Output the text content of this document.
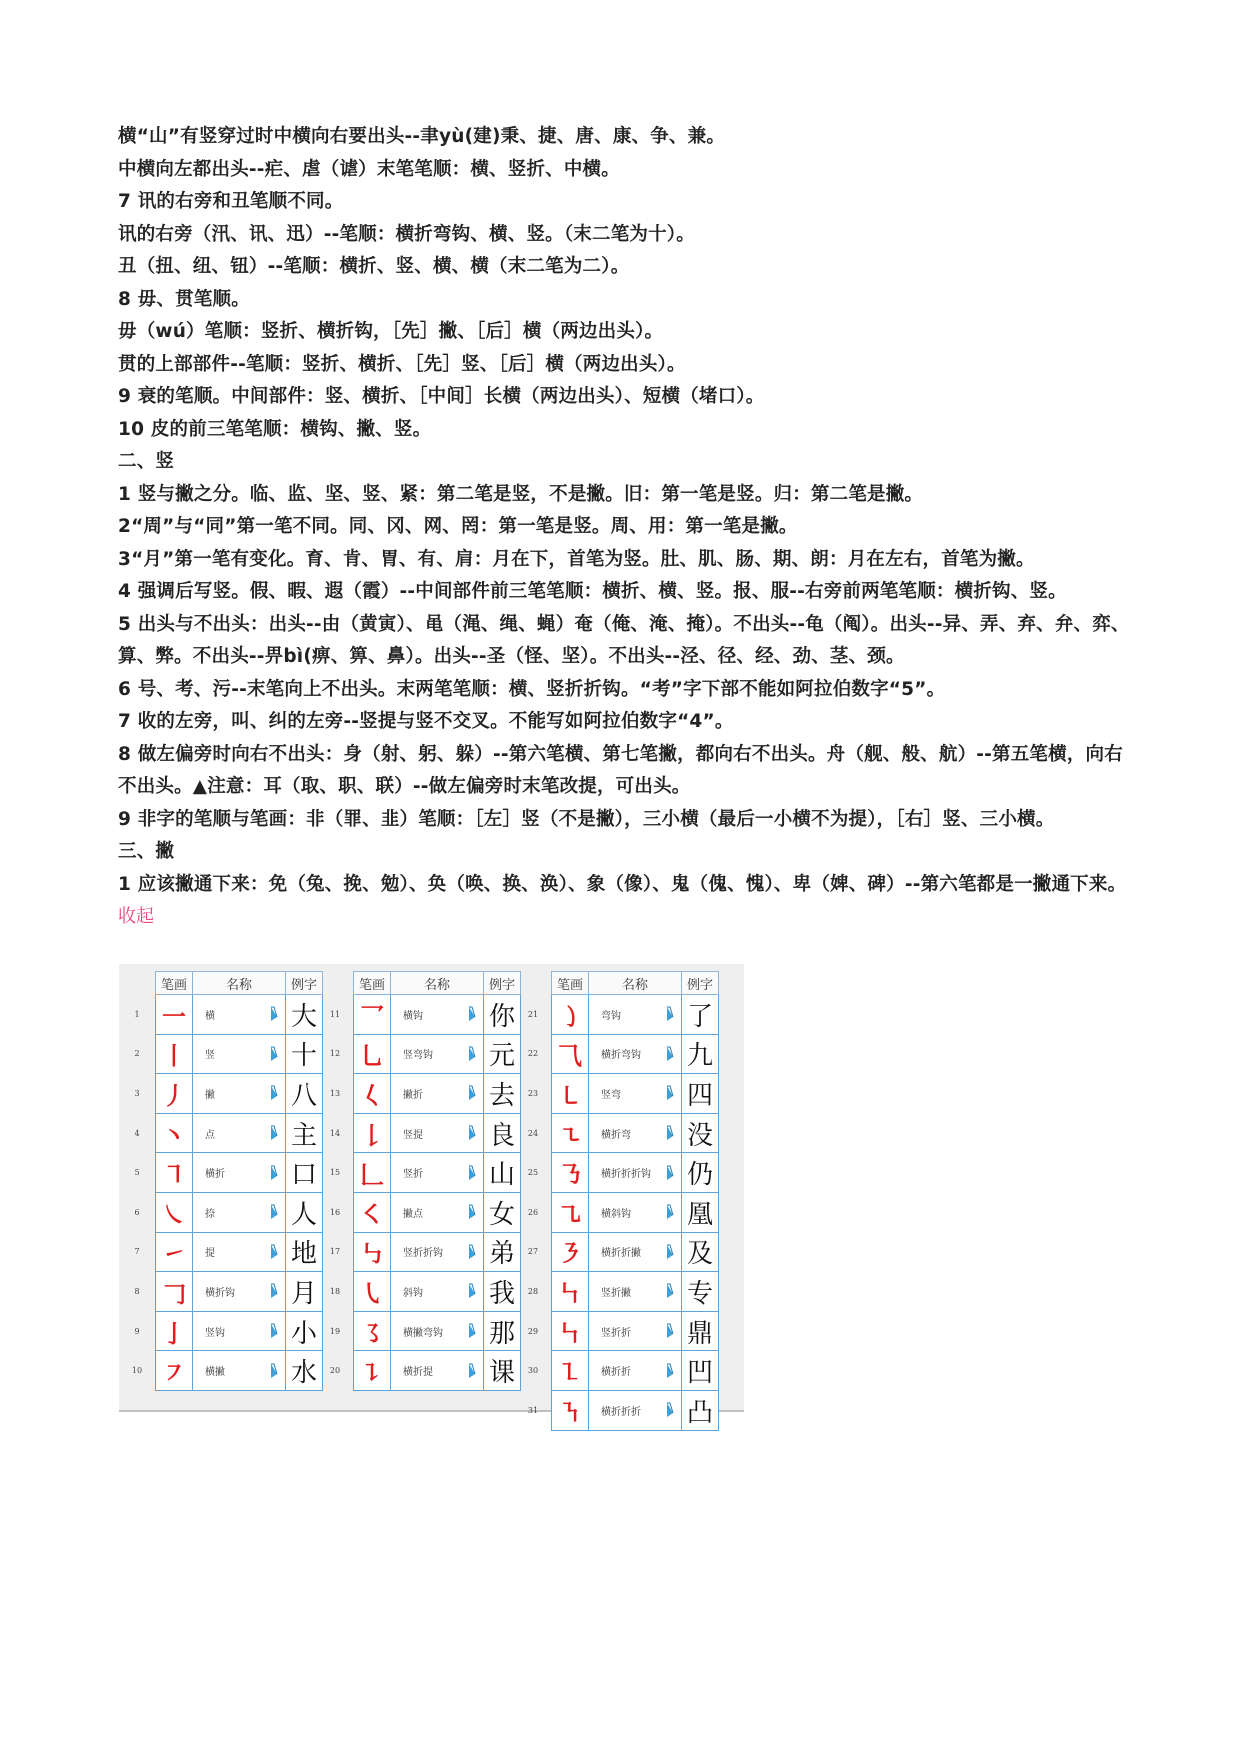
横“山”有竖穿过时中横向右要出头--聿yù(建)秉、捷、唐、康、争、兼。
中横向左都出头--疟、虐（谑）末笔笔顺：横、竖折、中横。
7 讯的右旁和丑笔顺不同。
讯的右旁（汛、讯、迅）--笔顺：横折弯钩、横、竖。（末二笔为十）。
丑（扭、纽、钮）--笔顺：横折、竖、横、横（末二笔为二）。
8 毋、贯笔顺。
毋（wú）笔顺：竖折、横折钩，［先］撇、［后］横（两边出头）。
贯的上部部件--笔顺：竖折、横折、［先］竖、［后］横（两边出头）。
9 衰的笔顺。中间部件：竖、横折、［中间］长横（两边出头）、短横（堵口）。
10 皮的前三笔笔顺：横钩、撇、竖。
二、竖
1 竖与撇之分。临、监、坚、竖、紧：第二笔是竖，不是撇。旧：第一笔是竖。归：第二笔是撇。
2“周”与“同”第一笔不同。同、冈、网、罔：第一笔是竖。周、用：第一笔是撇。
3“月”第一笔有变化。育、肯、胃、有、肩：月在下，首笔为竖。肚、肌、肠、期、朗：月在左右，首笔为撇。
4 强调后写竖。假、暇、遐（霞）--中间部件前三笔笔顺：横折、横、竖。报、服--右旁前两笔笔顺：横折钩、竖。
5 出头与不出头：出头--由（黄寅）、黾（渑、绳、蝇）奄（俺、淹、掩）。不出头--龟（阄）。出头--异、弄、弃、弁、弈、算、弊。不出头--畀bì(痹、箅、鼻）。出头--圣（怪、坚）。不出头--泾、径、经、劲、茎、颈。
6 号、考、污--末笔向上不出头。末两笔笔顺：横、竖折折钩。“考”字下部不能如阿拉伯数字“5”。
7 收的左旁，叫、纠的左旁--竖提与竖不交叉。不能写如阿拉伯数字“4”。
8 做左偏旁时向右不出头：身（射、躬、躲）--第六笔横、第七笔撇，都向右不出头。舟（舰、般、航）--第五笔横，向右不出头。▲注意：耳（取、职、联）--做左偏旁时末笔改提，可出头。
9 非字的笔顺与笔画：非（罪、韭）笔顺：［左］竖（不是撇），三小横（最后一小横不为提），［右］竖、三小横。
三、撇
1 应该撇通下来：免（兔、挽、勉）、奂（唤、换、涣）、象（像）、鬼（傀、愧）、卑（婢、碑）--第六笔都是一撇通下来。
收起
	笔画	名称	例字
1	一	横	大
2	丨	竖	十
3	丿	撇	八
4	丶	点	主
5	㇕	横折	口
6	㇏	捺	人
7	㇀	提	地
8	𠃌	横折钩	月
9	亅	竖钩	小
10	㇇	横撇	水
	笔画	名称	例字
11	乛	横钩	你
12	乚	竖弯钩	元
13	𡿨	撇折	去
14	𠄌	竖提	良
15	𠃊	竖折	山
16	㇛	撇点	女
17	㇉	竖折折钩	弟
18	㇂	斜钩	我
19	㇌	横撇弯钩	那
20	㇊	横折提	课
	笔画	名称	例字
21	㇁	弯钩	了
22	⺄	横折弯钩	九
23	㇄	竖弯	四
24	㇍	横折弯	没
25	㇡	横折折折钩	仍
26	㇈	横斜钩	凰
27	㇋	横折折撇	及
28	㇞	竖折撇	专
29	㇞	竖折折	鼎
30	㇅	横折折	凹
31	㇎	横折折折	凸
